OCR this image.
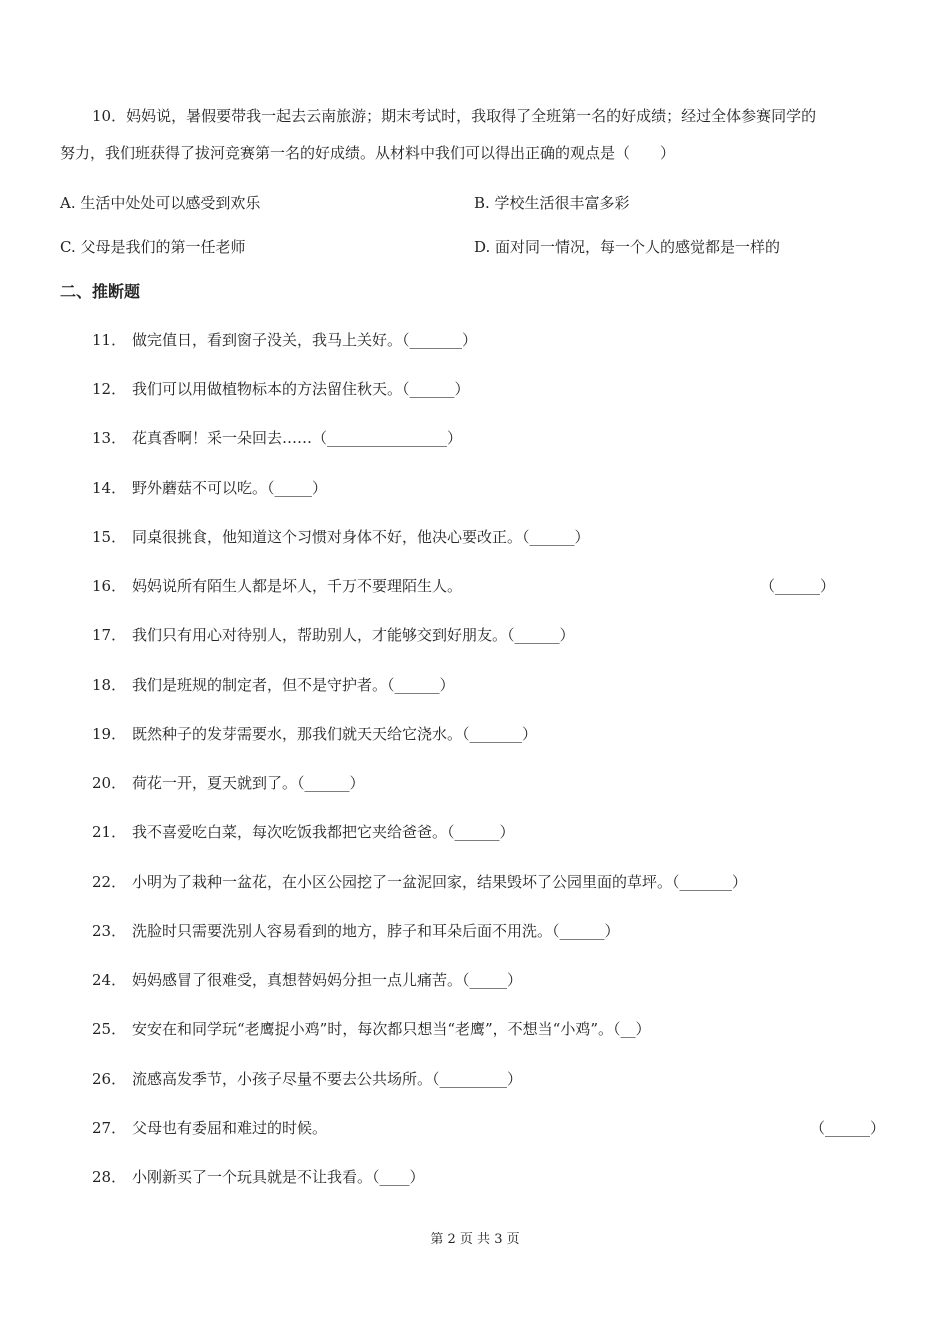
10．妈妈说，暑假要带我一起去云南旅游；期末考试时，我取得了全班第一名的好成绩；经过全体参赛同学的
努力，我们班获得了拔河竞赛第一名的好成绩。从材料中我们可以得出正确的观点是（　　）
A. 生活中处处可以感受到欢乐	B. 学校生活很丰富多彩
C. 父母是我们的第一任老师	D. 面对同一情况，每一个人的感觉都是一样的
二、推断题
11． 做完值日，看到窗子没关，我马上关好。（_______）
12． 我们可以用做植物标本的方法留住秋天。（______）
13． 花真香啊！采一朵回去……（________________）
14． 野外蘑菇不可以吃。（_____）
15． 同桌很挑食，他知道这个习惯对身体不好，他决心要改正。（______）
16． 妈妈说所有陌生人都是坏人，千万不要理陌生人。	（______）
17． 我们只有用心对待别人，帮助别人，才能够交到好朋友。（______）
18． 我们是班规的制定者，但不是守护者。（______）
19． 既然种子的发芽需要水，那我们就天天给它浇水。（_______）
20． 荷花一开，夏天就到了。（______）
21． 我不喜爱吃白菜，每次吃饭我都把它夹给爸爸。（______）
22． 小明为了栽种一盆花，在小区公园挖了一盆泥回家，结果毁坏了公园里面的草坪。（_______）
23． 洗脸时只需要洗别人容易看到的地方，脖子和耳朵后面不用洗。（______）
24． 妈妈感冒了很难受，真想替妈妈分担一点儿痛苦。（_____）
25． 安安在和同学玩“老鹰捉小鸡”时，每次都只想当“老鹰”，不想当“小鸡”。（__）
26． 流感高发季节，小孩子尽量不要去公共场所。（_________）
27． 父母也有委屈和难过的时候。	（______）
28． 小刚新买了一个玩具就是不让我看。（____）
第 2 页 共 3 页
